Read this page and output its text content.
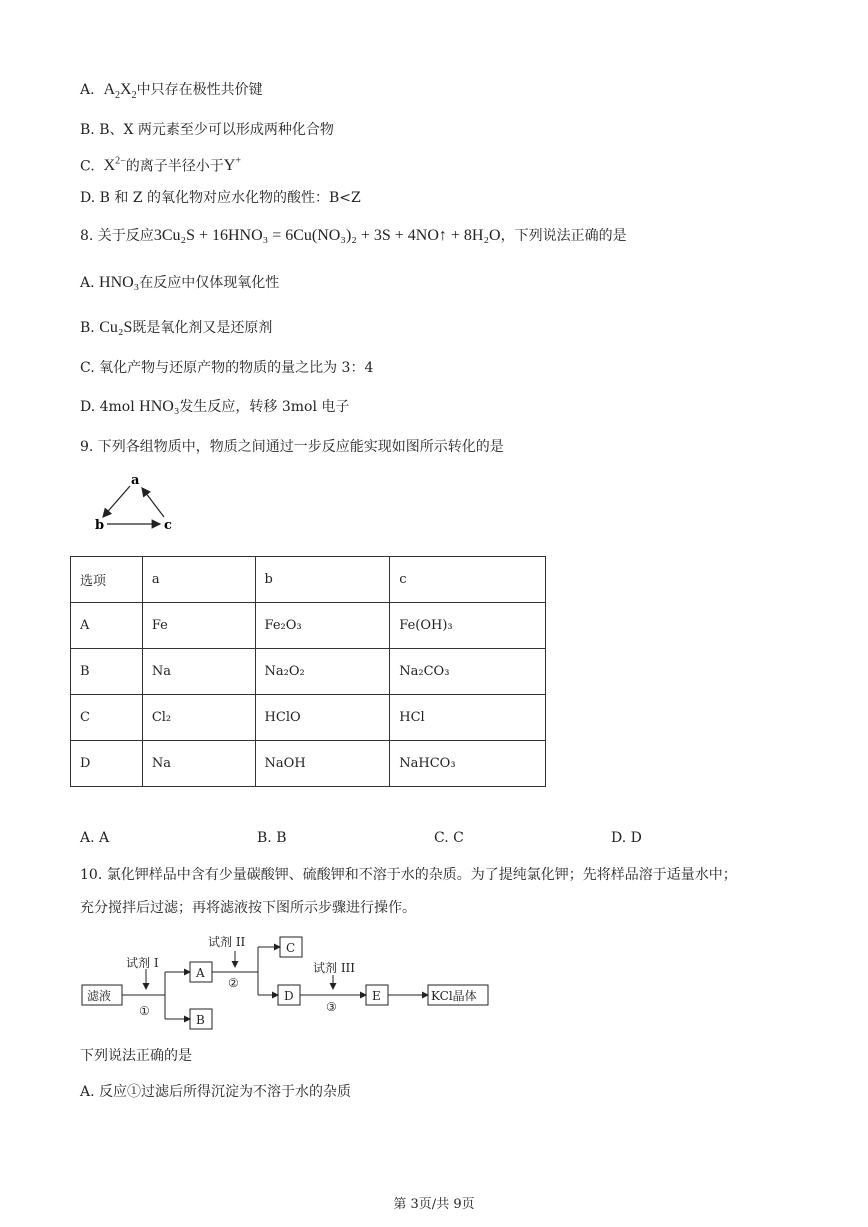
A. $A_2X_2$中只存在极性共价键
B. B、X 两元素至少可以形成两种化合物
C. $X^{2-}$的离子半径小于Y+
D. B 和 Z 的氧化物对应水化物的酸性：B<Z
8. 关于反应3Cu₂S + 16HNO₃ = 6Cu(NO₃)₂ + 3S + 4NO↑ + 8H₂O，下列说法正确的是
A. HNO₃在反应中仅体现氧化性
B. Cu₂S既是氧化剂又是还原剂
C. 氧化产物与还原产物的物质的量之比为 3：4
D. 4mol HNO₃发生反应，转移 3mol 电子
9. 下列各组物质中，物质之间通过一步反应能实现如图所示转化的是
a
b	c
选项	a	b	c
A	Fe	Fe₂O₃	Fe(OH)₃
B	Na	Na₂O₂	Na₂CO₃
C	Cl₂	HClO	HCl
D	Na	NaOH	NaHCO₃
A. A	B. B	C. C	D. D
10. 氯化钾样品中含有少量碳酸钾、硫酸钾和不溶于水的杂质。为了提纯氯化钾；先将样品溶于适量水中；
充分搅拌后过滤；再将滤液按下图所示步骤进行操作。
滤液
试剂 I
①
A
B
试剂 II
②
C
D
试剂 III
③
E	KCl晶体
下列说法正确的是
A. 反应①过滤后所得沉淀为不溶于水的杂质
第 3页/共 9页
